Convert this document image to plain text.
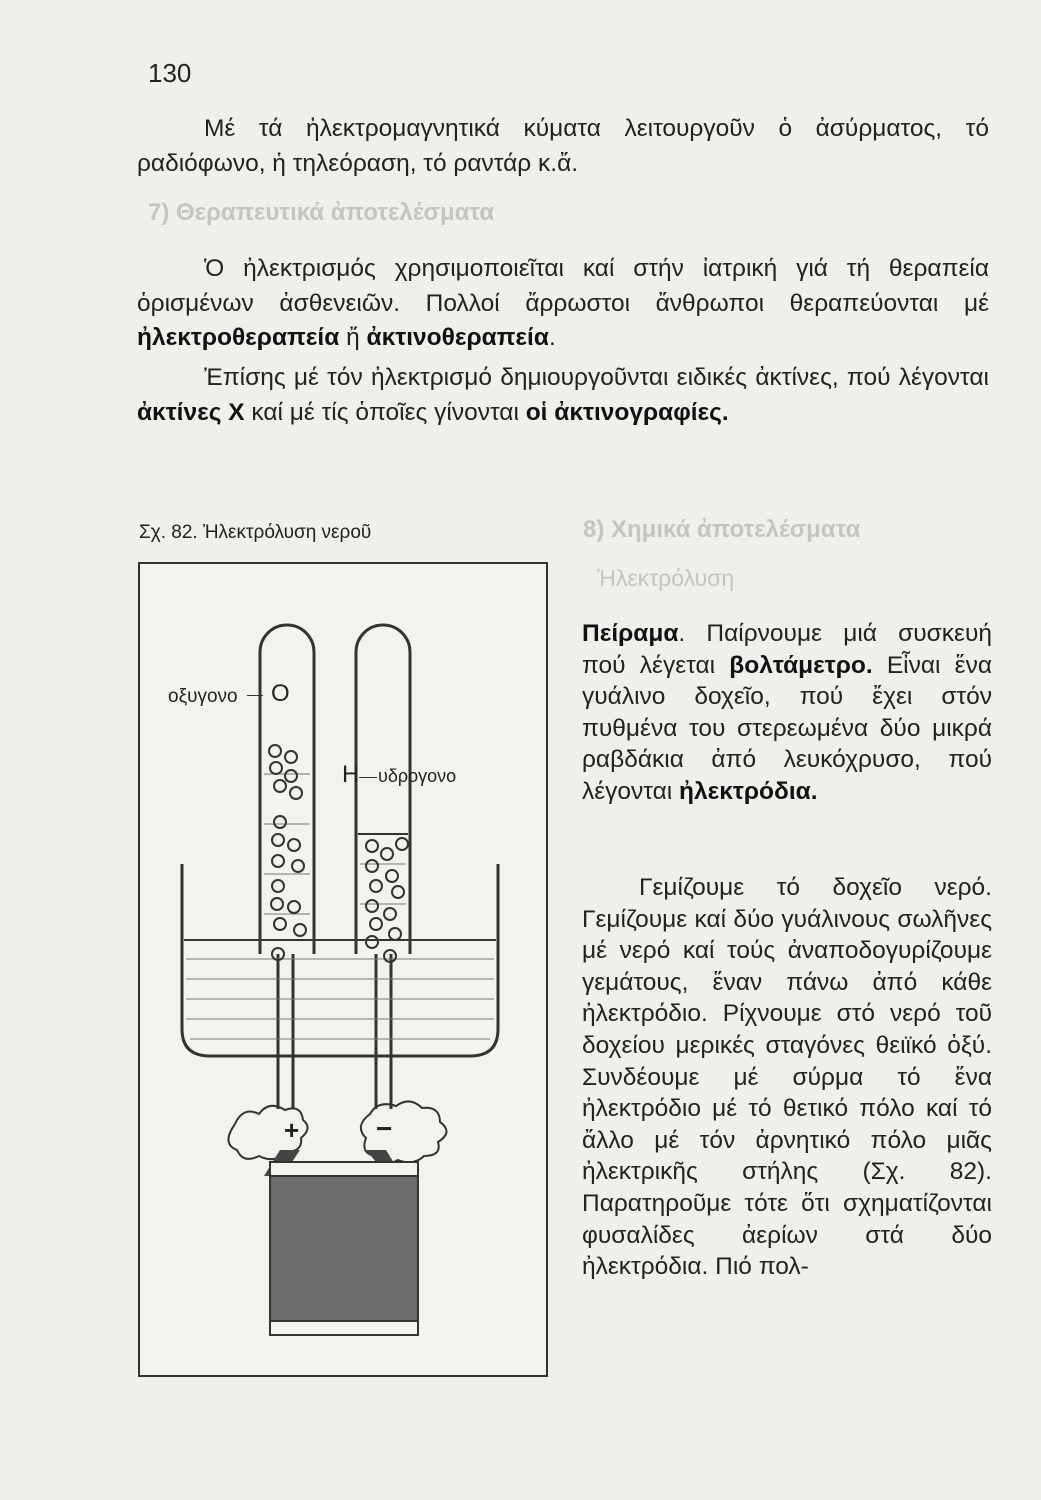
130

Μέ τά ἠλεκτρομαγνητικά κύματα λειτουργοῦν ὁ ἀσύρματος, τό ραδιόφωνο, ἡ τηλεόραση, τό ραντάρ κ.ἄ.

7) Θεραπευτικά ἀποτελέσματα

Ὁ ἠλεκτρισμός χρησιμοποιεῖται καί στήν ἰατρική γιά τή θεραπεία ὁρισμένων ἀσθενειῶν. Πολλοί ἄρρωστοι ἄνθρωποι θεραπεύονται μέ ἠλεκτροθεραπεία ἤ ἀκτινοθεραπεία.

Ἐπίσης μέ τόν ἠλεκτρισμό δημιουργοῦνται ειδικές ἀκτίνες, πού λέγονται ἀκτίνες Χ καί μέ τίς ὁποῖες γίνονται οἱ ἀκτινογραφίες.

Σχ. 82. Ἠλεκτρόλυση νεροῦ
οξυγονο O
H υδρογονο
+	−
8) Χημικά ἀποτελέσματα
Ἠλεκτρόλυση

Πείραμα. Παίρνουμε μιά συσκευή πού λέγεται βολτάμετρο. Εἶναι ἕνα γυάλινο δοχεῖο, πού ἔχει στόν πυθμένα του στερεωμένα δύο μικρά ραβδάκια ἀπό λευκόχρυσο, πού λέγονται ἠλεκτρόδια.

Γεμίζουμε τό δοχεῖο νερό. Γεμίζουμε καί δύο γυάλινους σωλῆνες μέ νερό καί τούς ἀναποδογυρίζουμε γεμάτους, ἕναν πάνω ἀπό κάθε ἠλεκτρόδιο. Ρίχνουμε στό νερό τοῦ δοχείου μερικές σταγόνες θειϊκό ὀξύ. Συνδέουμε μέ σύρμα τό ἕνα ἠλεκτρόδιο μέ τό θετικό πόλο καί τό ἄλλο μέ τόν ἀρνητικό πόλο μιᾶς ἠλεκτρικῆς στήλης (Σχ. 82). Παρατηροῦμε τότε ὅτι σχηματίζονται φυσαλίδες ἀερίων στά δύο ἠλεκτρόδια. Πιό πολ-
